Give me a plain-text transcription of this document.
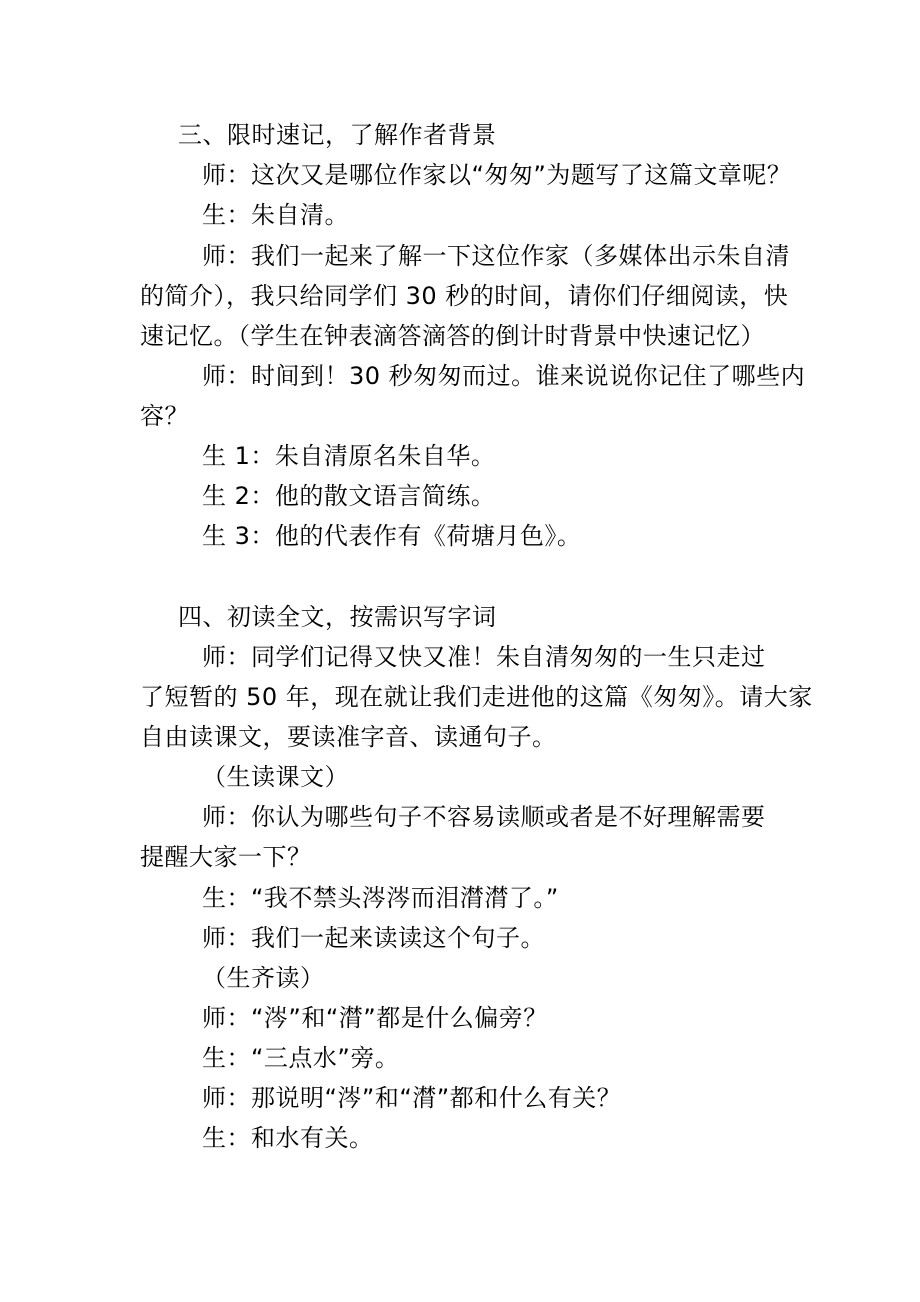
三、限时速记，了解作者背景
师：这次又是哪位作家以“匆匆”为题写了这篇文章呢？
生：朱自清。
师：我们一起来了解一下这位作家（多媒体出示朱自清
的简介），我只给同学们 30 秒的时间，请你们仔细阅读，快
速记忆。（学生在钟表滴答滴答的倒计时背景中快速记忆）
师：时间到！30 秒匆匆而过。谁来说说你记住了哪些内
容？
生 1：朱自清原名朱自华。
生 2：他的散文语言简练。
生 3：他的代表作有《荷塘月色》。
四、初读全文，按需识写字词
师：同学们记得又快又准！朱自清匆匆的一生只走过
了短暂的 50 年，现在就让我们走进他的这篇《匆匆》。请大家
自由读课文，要读准字音、读通句子。
（生读课文）
师：你认为哪些句子不容易读顺或者是不好理解需要
提醒大家一下？
生：“我不禁头涔涔而泪潸潸了。”
师：我们一起来读读这个句子。
（生齐读）
师：“涔”和“潸”都是什么偏旁？
生：“三点水”旁。
师：那说明“涔”和“潸”都和什么有关？
生：和水有关。
